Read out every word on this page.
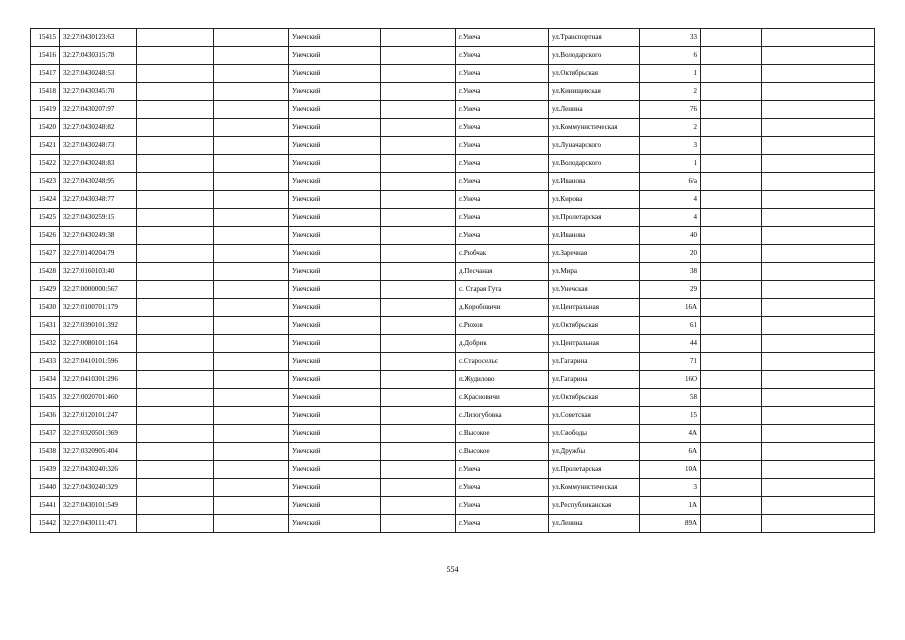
15415	32:27:0430123:63			Унечский		г.Унеча	ул.Транспортная	33		
15416	32:27:0430315:78			Унечский		г.Унеча	ул.Володарского	6		
15417	32:27:0430248:53			Унечский		г.Унеча	ул.Октябрьская	1		
15418	32:27:0430345:70			Унечский		г.Унеча	ул.Кинищевская	2		
15419	32:27:0430207:97			Унечский		г.Унеча	ул.Ленина	76		
15420	32:27:0430248:82			Унечский		г.Унеча	ул.Коммунистическая	2		
15421	32:27:0430248:73			Унечский		г.Унеча	ул.Луначарского	3		
15422	32:27:0430248:83			Унечский		г.Унеча	ул.Володарского	1		
15423	32:27:0430248:95			Унечский		г.Унеча	ул.Иванова	6/а		
15424	32:27:0430348:77			Унечский		г.Унеча	ул.Кирова	4		
15425	32:27:0430259:15			Унечский		г.Унеча	ул.Пролетарская	4		
15426	32:27:0430249:38			Унечский		г.Унеча	ул.Иванова	40		
15427	32:27:0140204:79			Унечский		с.Рюбчак	ул.Заречная	20		
15428	32:27:0160103:40			Унечский		д.Песчаная	ул.Мира	38		
15429	32:27:0000000:567			Унечский		с. Старая Гута	ул.Унечская	29		
15430	32:27:0100701:179			Унечский		д.Коробовичи	ул.Центральная	16А		
15431	32:27:0390101:392			Унечский		с.Рюхов	ул.Октябрьская	61		
15432	32:27:0080101:164			Унечский		д.Добрик	ул.Центральная	44		
15433	32:27:0410101:596			Унечский		с.Старосельє	ул.Гагарина	71		
15434	32:27:0410301:296			Унечский		п.Жудилово	ул.Гагарина	16О		
15435	32:27:0020701:460			Унечский		с.Красновичи	ул.Октябрьская	58		
15436	32:27:0120101:247			Унечский		с.Лизогубовка	ул.Советская	15		
15437	32:27:0320501:369			Унечский		с.Высокое	ул.Свободы	4А		
15438	32:27:0320905:404			Унечский		с.Высокое	ул.Дружбы	6А		
15439	32:27:0430240:326			Унечский		г.Унеча	ул.Пролетарская	10А		
15440	32:27:0430240:329			Унечский		г.Унеча	ул.Коммунистическая	3		
15441	32:27:0430101:549			Унечский		г.Унеча	ул.Республиканская	1А		
15442	32:27:0430111:471			Унечский		г.Унеча	ул.Ленина	89А		
554
